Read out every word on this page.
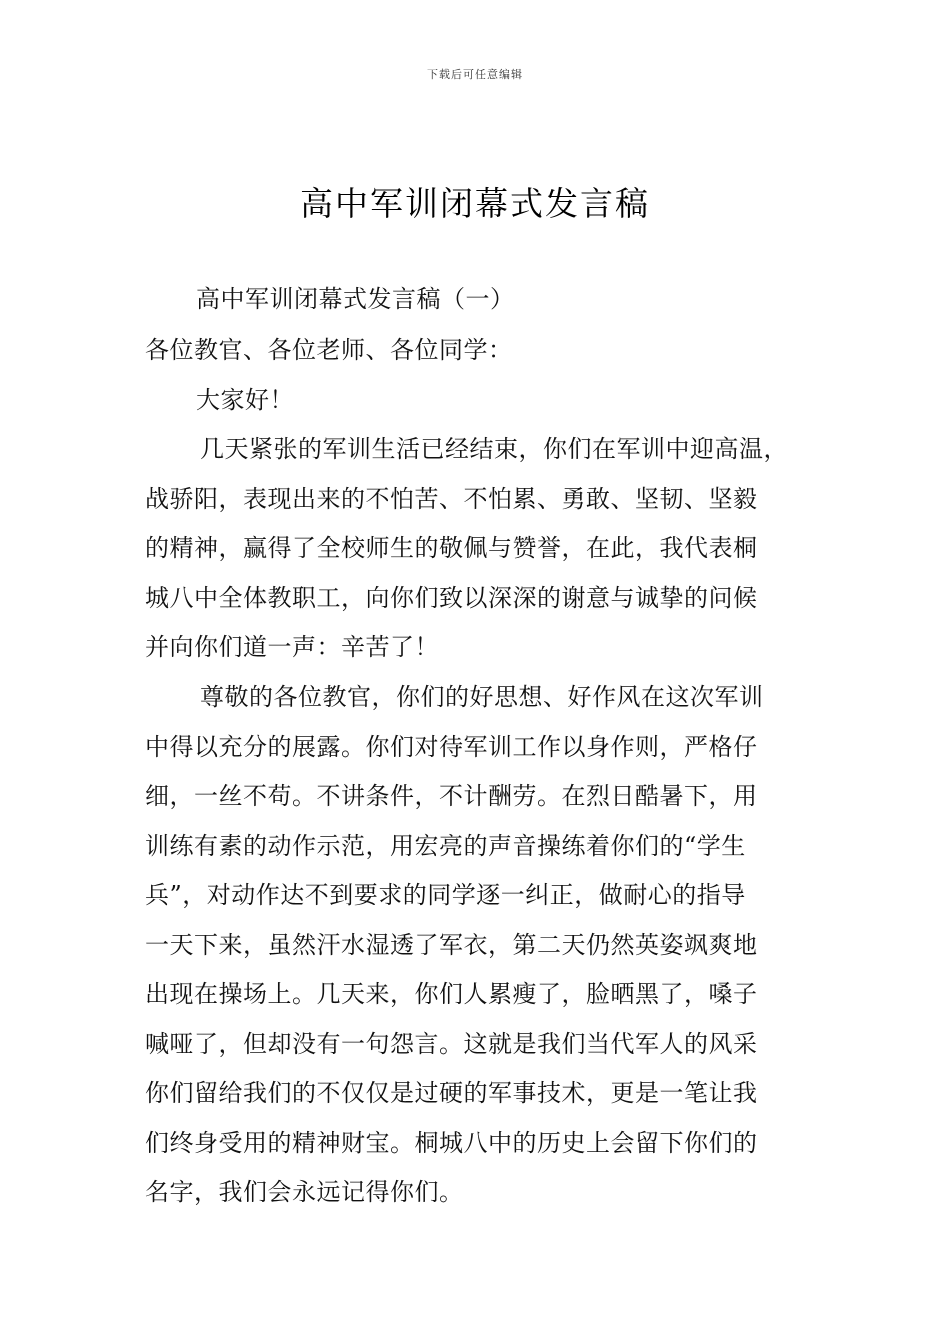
下载后可任意编辑
高中军训闭幕式发言稿
高中军训闭幕式发言稿（一）
各位教官、各位老师、各位同学：
大家好！
几天紧张的军训生活已经结束，你们在军训中迎高温，
战骄阳，表现出来的不怕苦、不怕累、勇敢、坚韧、坚毅
的精神，赢得了全校师生的敬佩与赞誉，在此，我代表桐
城八中全体教职工，向你们致以深深的谢意与诚挚的问候
并向你们道一声：辛苦了！
尊敬的各位教官，你们的好思想、好作风在这次军训
中得以充分的展露。你们对待军训工作以身作则，严格仔
细，一丝不苟。不讲条件，不计酬劳。在烈日酷暑下，用
训练有素的动作示范，用宏亮的声音操练着你们的“学生
兵”，对动作达不到要求的同学逐一纠正，做耐心的指导
一天下来，虽然汗水湿透了军衣，第二天仍然英姿飒爽地
出现在操场上。几天来，你们人累瘦了，脸晒黑了，嗓子
喊哑了，但却没有一句怨言。这就是我们当代军人的风采
你们留给我们的不仅仅是过硬的军事技术，更是一笔让我
们终身受用的精神财宝。桐城八中的历史上会留下你们的
名字，我们会永远记得你们。
